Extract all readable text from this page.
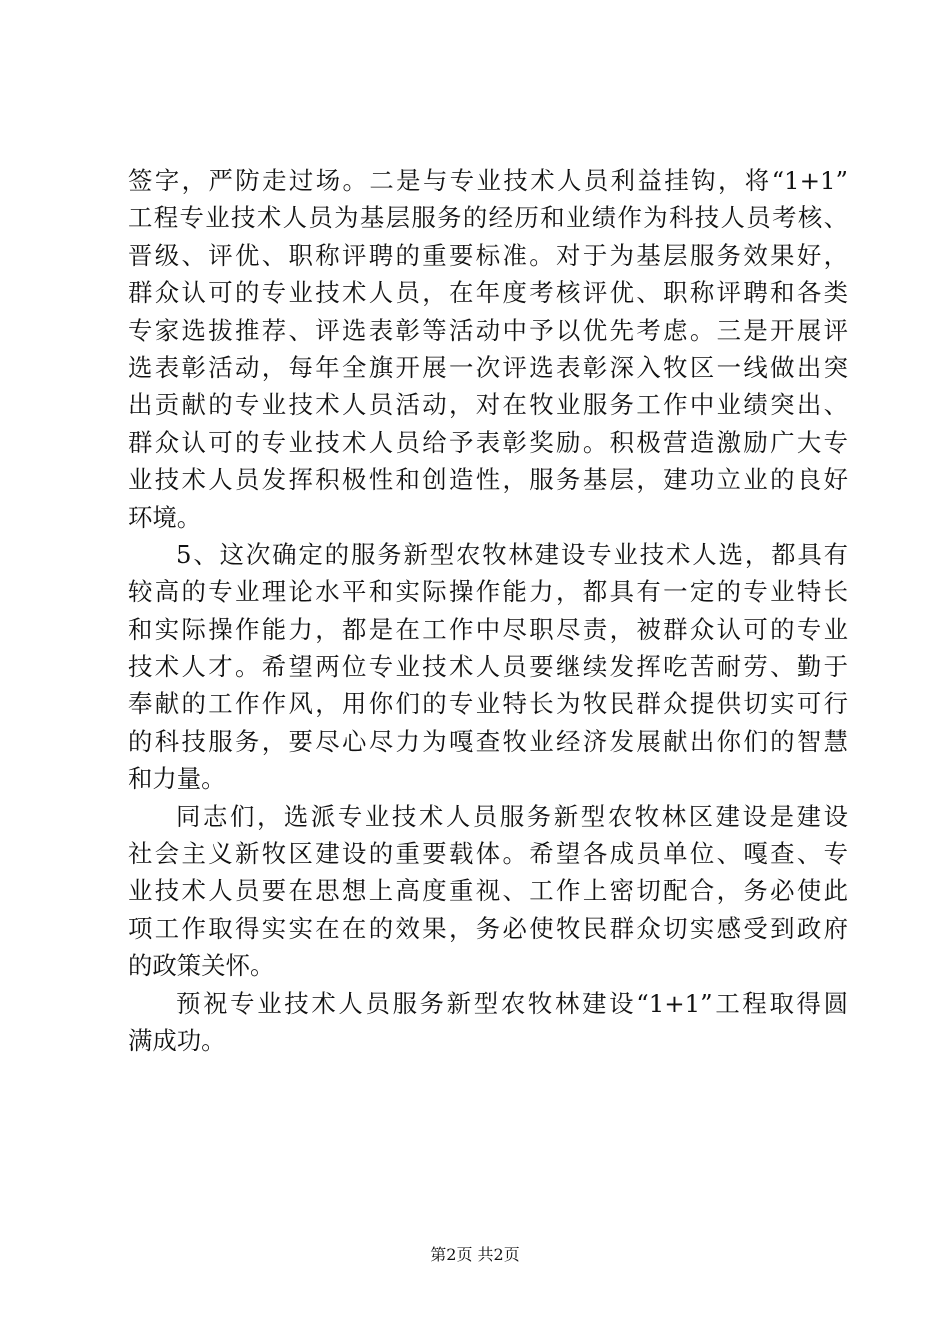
签字，严防走过场。二是与专业技术人员利益挂钩，将“1+1”
工程专业技术人员为基层服务的经历和业绩作为科技人员考核、
晋级、评优、职称评聘的重要标准。对于为基层服务效果好，
群众认可的专业技术人员，在年度考核评优、职称评聘和各类
专家选拔推荐、评选表彰等活动中予以优先考虑。三是开展评
选表彰活动，每年全旗开展一次评选表彰深入牧区一线做出突
出贡献的专业技术人员活动，对在牧业服务工作中业绩突出、
群众认可的专业技术人员给予表彰奖励。积极营造激励广大专
业技术人员发挥积极性和创造性，服务基层，建功立业的良好
环境。
5、这次确定的服务新型农牧林建设专业技术人选，都具有
较高的专业理论水平和实际操作能力，都具有一定的专业特长
和实际操作能力，都是在工作中尽职尽责，被群众认可的专业
技术人才。希望两位专业技术人员要继续发挥吃苦耐劳、勤于
奉献的工作作风，用你们的专业特长为牧民群众提供切实可行
的科技服务，要尽心尽力为嘎查牧业经济发展献出你们的智慧
和力量。
同志们，选派专业技术人员服务新型农牧林区建设是建设
社会主义新牧区建设的重要载体。希望各成员单位、嘎查、专
业技术人员要在思想上高度重视、工作上密切配合，务必使此
项工作取得实实在在的效果，务必使牧民群众切实感受到政府
的政策关怀。
预祝专业技术人员服务新型农牧林建设“1+1”工程取得圆
满成功。
第2页 共2页
